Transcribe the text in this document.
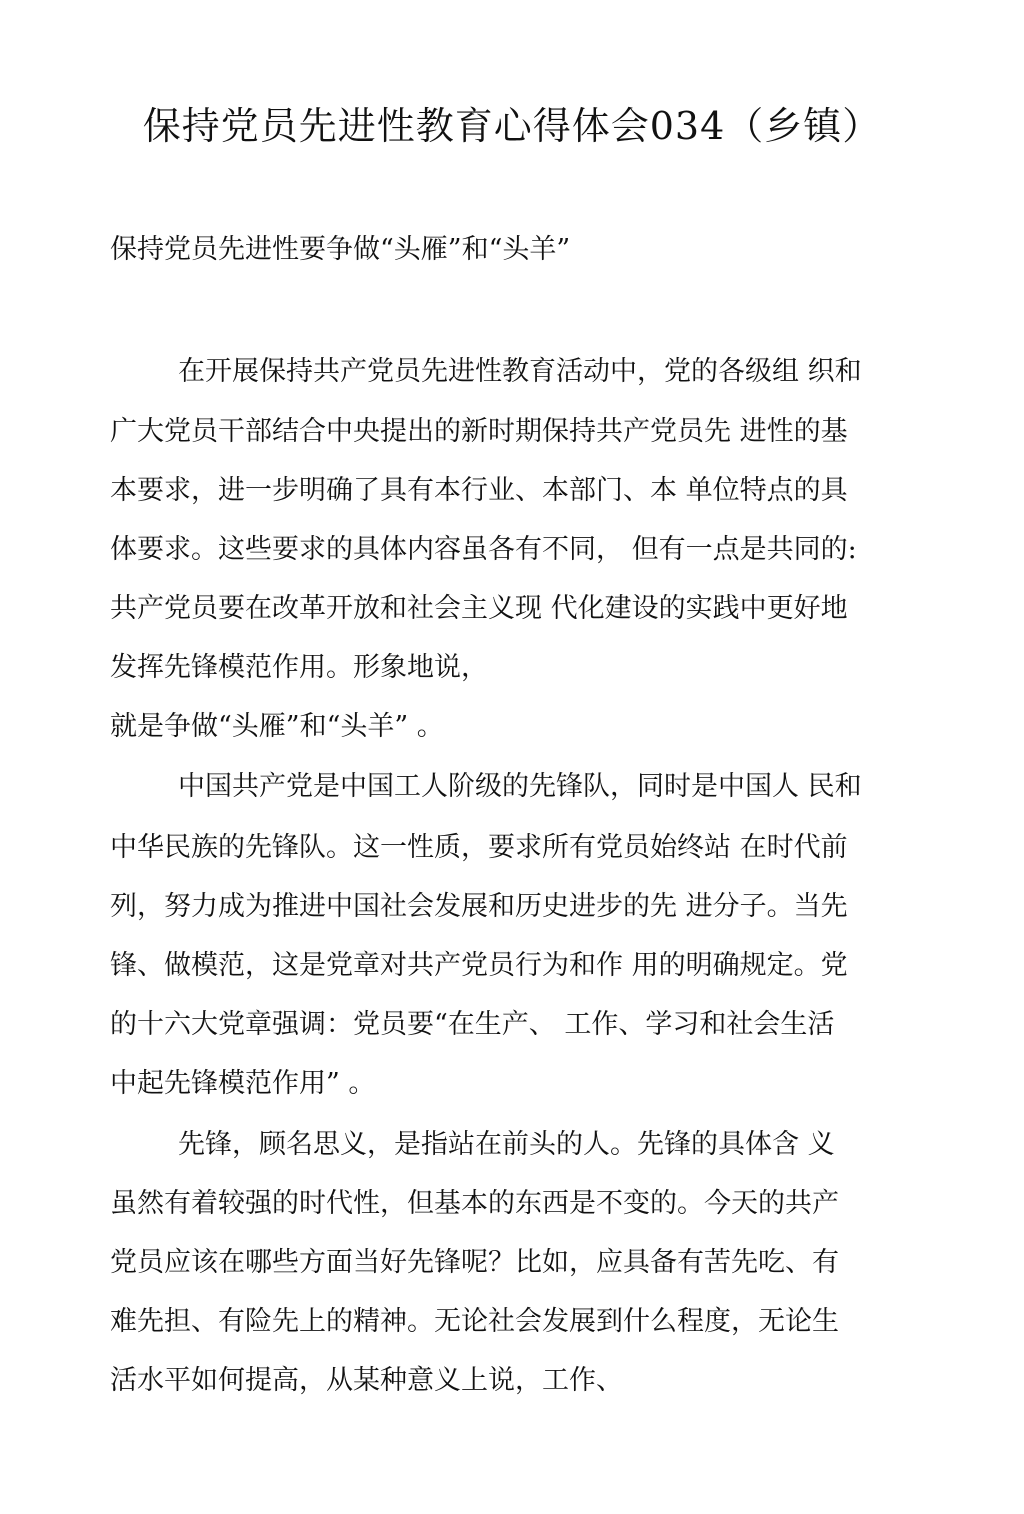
保持党员先进性教育心得体会034（乡镇）
保持党员先进性要争做“头雁”和“头羊”
在开展保持共产党员先进性教育活动中，党的各级组 织和
广大党员干部结合中央提出的新时期保持共产党员先 进性的基
本要求，进一步明确了具有本行业、本部门、本 单位特点的具
体要求。这些要求的具体内容虽各有不同， 但有一点是共同的:
共产党员要在改革开放和社会主义现 代化建设的实践中更好地
发挥先锋模范作用。形象地说，
就是争做“头雁”和“头羊” 。
中国共产党是中国工人阶级的先锋队，同时是中国人 民和
中华民族的先锋队。这一性质，要求所有党员始终站 在时代前
列，努力成为推进中国社会发展和历史进步的先 进分子。当先
锋、做模范，这是党章对共产党员行为和作 用的明确规定。党
的十六大党章强调：党员要“在生产、 工作、学习和社会生活
中起先锋模范作用” 。
先锋，顾名思义，是指站在前头的人。先锋的具体含 义
虽然有着较强的时代性，但基本的东西是不变的。今天的共产
党员应该在哪些方面当好先锋呢？比如，应具备有苦先吃、有
难先担、有险先上的精神。无论社会发展到什么程度，无论生
活水平如何提高，从某种意义上说，工作、
